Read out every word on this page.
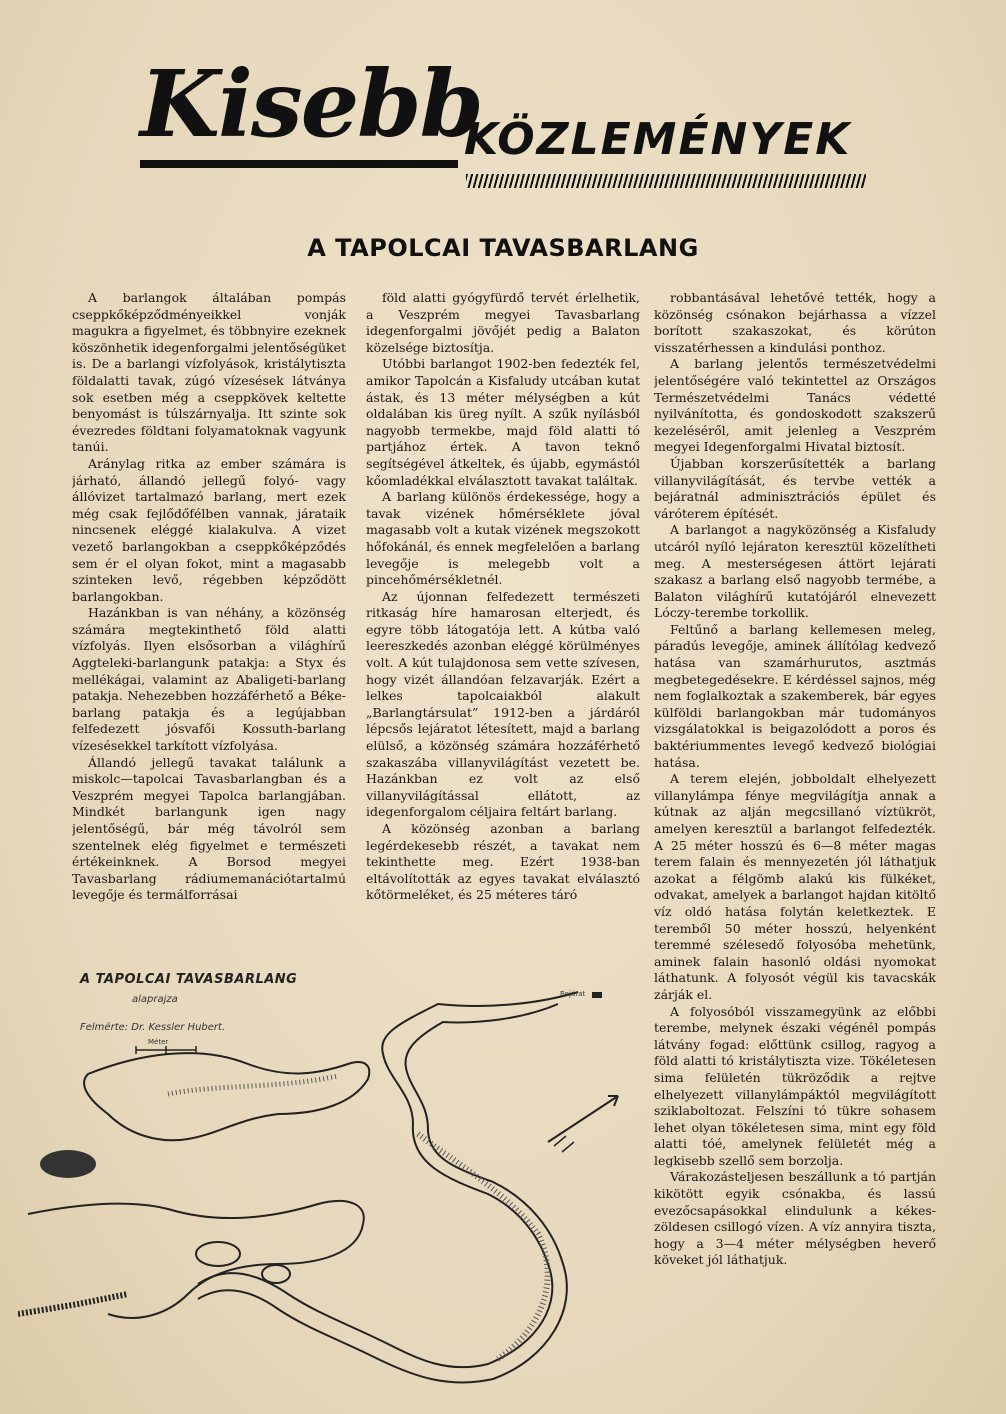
Kisebb
KÖZLEMÉNYEK
A TAPOLCAI TAVASBARLANG

A barlangok általában pompás cseppkőképződményeikkel vonják magukra a figyelmet, és többnyire ezeknek köszönhetik idegenforgalmi jelentőségüket is. De a barlangi vízfolyások, kristálytiszta földalatti tavak, zúgó vízesések látványa sok esetben még a cseppkövek keltette benyomást is túlszárnyalja. Itt szinte sok évezredes földtani folyamatoknak vagyunk tanúi.

Aránylag ritka az ember számára is járható, állandó jellegű folyó- vagy állóvizet tartalmazó barlang, mert ezek még csak fejlődőfélben vannak, járataik nincsenek eléggé kialakulva. A vizet vezető barlangokban a cseppkőképződés sem ér el olyan fokot, mint a magasabb szinteken levő, régebben képződött barlangokban.

Hazánkban is van néhány, a közönség számára megtekinthető föld alatti vízfolyás. Ilyen elsősorban a világhírű Aggteleki-barlangunk patakja: a Styx és mellékágai, valamint az Abaligeti-barlang patakja. Nehezebben hozzáférhető a Béke-barlang patakja és a legújabban felfedezett jósvafői Kossuth-barlang vízesésekkel tarkított vízfolyása.

Állandó jellegű tavakat találunk a miskolc—tapolcai Tavasbarlangban és a Veszprém megyei Tapolca barlangjában. Mindkét barlangunk igen nagy jelentőségű, bár még távolról sem szentelnek elég figyelmet e természeti értékeinknek. A Borsod megyei Tavasbarlang rádiumemanációtartalmú levegője és termálforrásai

föld alatti gyógyfürdő tervét érlelhetik, a Veszprém megyei Tavasbarlang idegenforgalmi jövőjét pedig a Balaton közelsége biztosítja.

Utóbbi barlangot 1902-ben fedezték fel, amikor Tapolcán a Kisfaludy utcában kutat ástak, és 13 méter mélységben a kút oldalában kis üreg nyílt. A szűk nyílásból nagyobb termekbe, majd föld alatti tó partjához értek. A tavon teknő segítségével átkeltek, és újabb, egymástól kőomladékkal elválasztott tavakat találtak.

A barlang különös érdekessége, hogy a tavak vizének hőmérséklete jóval magasabb volt a kutak vizének megszokott hőfokánál, és ennek megfelelően a barlang levegője is melegebb volt a pincehőmérsékletnél.

Az újonnan felfedezett természeti ritkaság híre hamarosan elterjedt, és egyre több látogatója lett. A kútba való leereszkedés azonban eléggé körülményes volt. A kút tulajdonosa sem vette szívesen, hogy vizét állandóan felzavarják. Ezért a lelkes tapolcaiakból alakult „Barlangtársulat” 1912-ben a járdáról lépcsős lejáratot létesített, majd a barlang elülső, a közönség számára hozzáférhető szakaszába villanyvilágítást vezetett be. Hazánkban ez volt az első villanyvilágítással ellátott, az idegenforgalom céljaira feltárt barlang.

A közönség azonban a barlang legérdekesebb részét, a tavakat nem tekinthette meg. Ezért 1938-ban eltávolították az egyes tavakat elválasztó kőtörmeléket, és 25 méteres táró

robbantásával lehetővé tették, hogy a közönség csónakon bejárhassa a vízzel borított szakaszokat, és körúton visszatérhessen a kindulási ponthoz.

A barlang jelentős természetvédelmi jelentőségére való tekintettel az Országos Természetvédelmi Tanács védetté nyilvánította, és gondoskodott szakszerű kezeléséről, amit jelenleg a Veszprém megyei Idegenforgalmi Hivatal biztosít.

Újabban korszerűsítették a barlang villanyvilágítását, és tervbe vették a bejáratnál adminisztrációs épület és váróterem építését.

A barlangot a nagyközönség a Kisfaludy utcáról nyíló lejáraton keresztül közelítheti meg. A mesterségesen áttört lejárati szakasz a barlang első nagyobb termébe, a Balaton világhírű kutatójáról elnevezett Lóczy-terembe torkollik.

Feltűnő a barlang kellemesen meleg, páradús levegője, aminek állítólag kedvező hatása van szamárhurutos, asztmás megbetegedésekre. E kérdéssel sajnos, még nem foglalkoztak a szakemberek, bár egyes külföldi barlangokban már tudományos vizsgálatokkal is beigazolódott a poros és baktériummentes levegő kedvező biológiai hatása.

A terem elején, jobboldalt elhelyezett villanylámpa fénye megvilágítja annak a kútnak az alján megcsillanó víztükröt, amelyen keresztül a barlangot felfedezték. A 25 méter hosszú és 6—8 méter magas terem falain és mennyezetén jól láthatjuk azokat a félgömb alakú kis fülkéket, odvakat, amelyek a barlangot hajdan kitöltő víz oldó hatása folytán keletkeztek. E teremből 50 méter hosszú, helyenként teremmé szélesedő folyosóba mehetünk, aminek falain hasonló oldási nyomokat láthatunk. A folyosót végül kis tavacskák zárják el.

A folyosóból visszamegyünk az előbbi terembe, melynek északi végénél pompás látvány fogad: előttünk csillog, ragyog a föld alatti tó kristálytiszta vize. Tökéletesen sima felületén tükröződik a rejtve elhelyezett villanylámpáktól megvilágított sziklaboltozat. Felszíni tó tükre sohasem lehet olyan tökéletesen sima, mint egy föld alatti tóé, amelynek felületét még a legkisebb szellő sem borzolja.

Várakozásteljesen beszállunk a tó partján kikötött egyik csónakba, és lassú evezőcsapásokkal elindulunk a kékes-zöldesen csillogó vízen. A víz annyira tiszta, hogy a 3—4 méter mélységben heverő köveket jól láthatjuk.

A TAPOLCAI TAVASBARLANG
alaprajza
Felmérte: Dr. Kessler Hubert.
Méter
Bejárat
